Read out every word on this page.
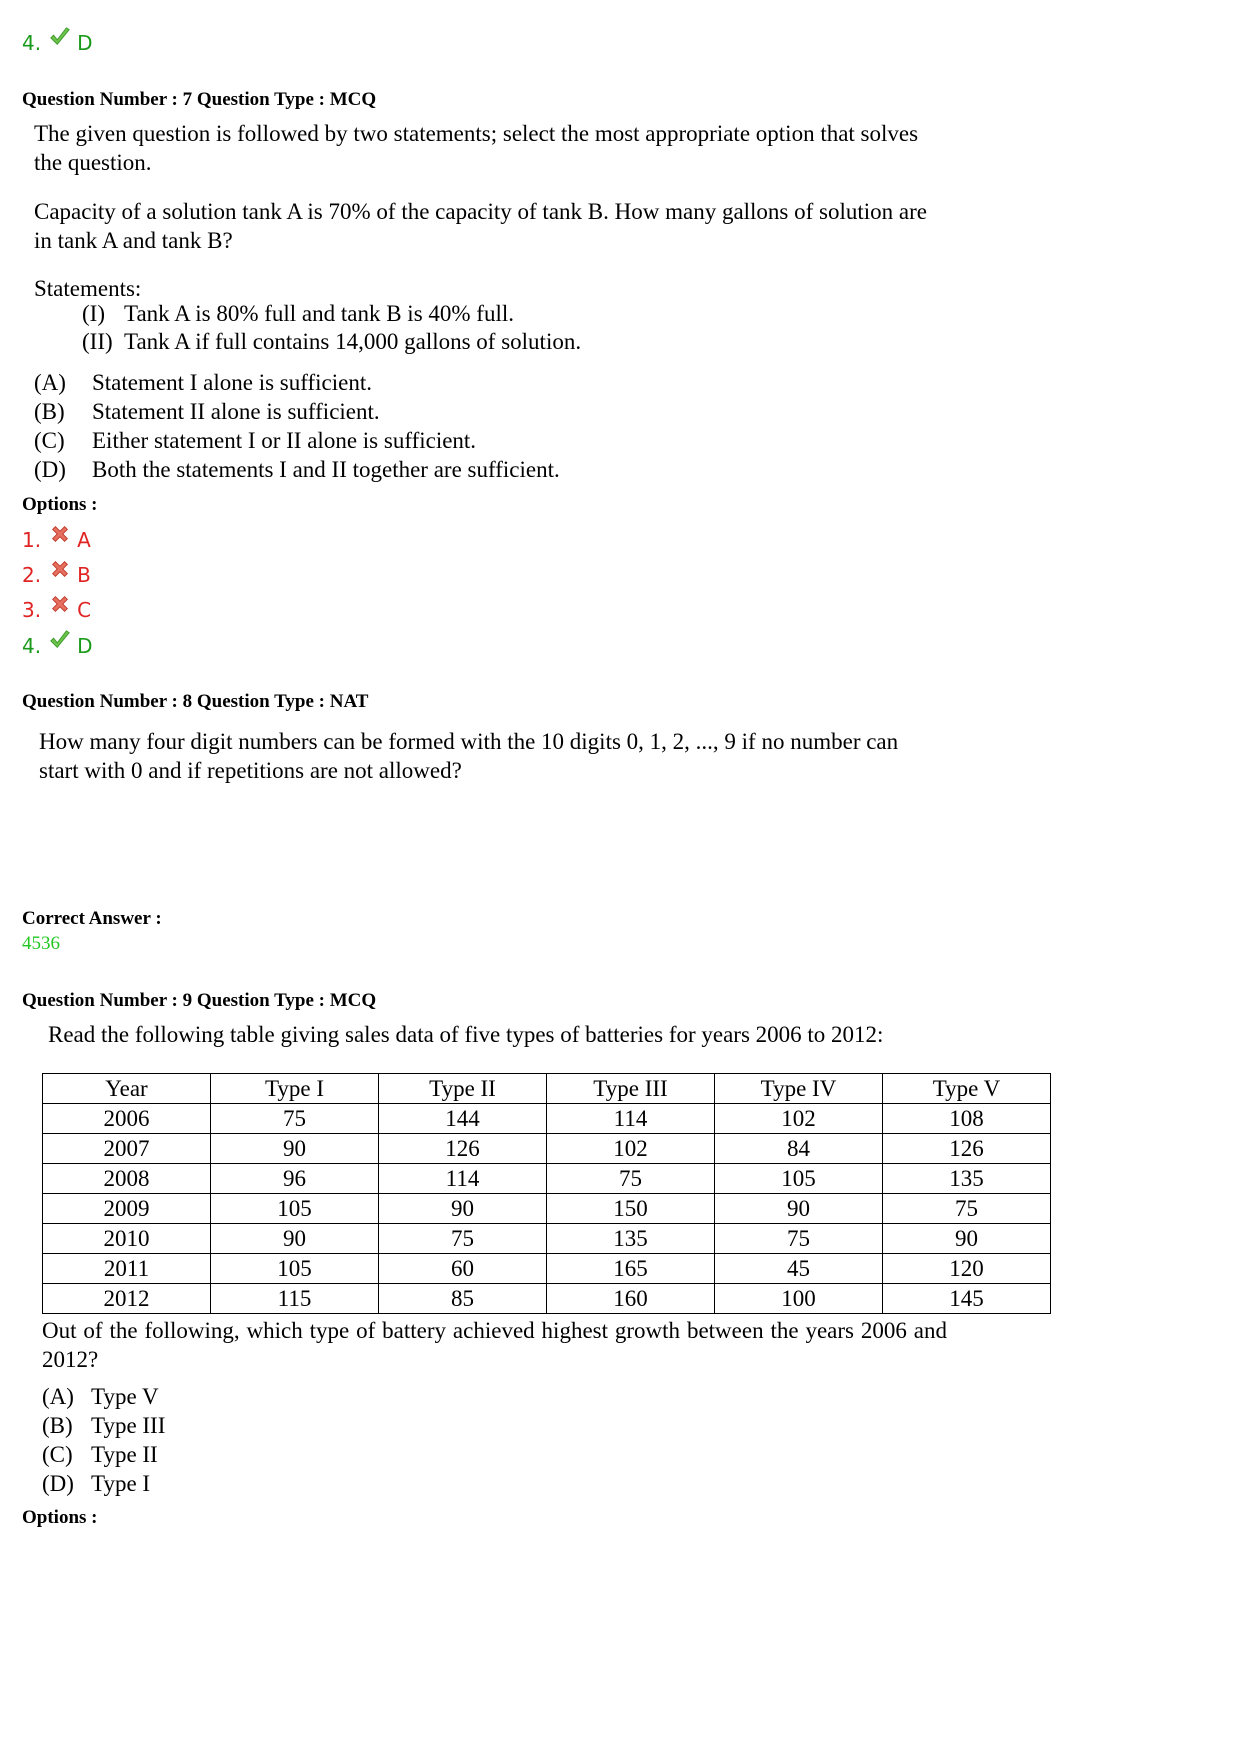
4. D
Question Number : 7 Question Type : MCQ
The given question is followed by two statements; select the most appropriate option that solves the question.
Capacity of a solution tank A is 70% of the capacity of tank B. How many gallons of solution are in tank A and tank B?
Statements:
(I) Tank A is 80% full and tank B is 40% full.
(II) Tank A if full contains 14,000 gallons of solution.
(A)	Statement I alone is sufficient.
(B)	Statement II alone is sufficient.
(C)	Either statement I or II alone is sufficient.
(D)	Both the statements I and II together are sufficient.
Options :
1. A
2. B
3. C
4. D
Question Number : 8 Question Type : NAT
How many four digit numbers can be formed with the 10 digits 0, 1, 2, ..., 9 if no number can start with 0 and if repetitions are not allowed?
Correct Answer :
4536
Question Number : 9 Question Type : MCQ
Read the following table giving sales data of five types of batteries for years 2006 to 2012:
Year	Type I	Type II	Type III	Type IV	Type V
2006	75	144	114	102	108
2007	90	126	102	84	126
2008	96	114	75	105	135
2009	105	90	150	90	75
2010	90	75	135	75	90
2011	105	60	165	45	120
2012	115	85	160	100	145
Out of the following, which type of battery achieved highest growth between the years 2006 and 2012?
(A) Type V
(B) Type III
(C) Type II
(D) Type I
Options :
